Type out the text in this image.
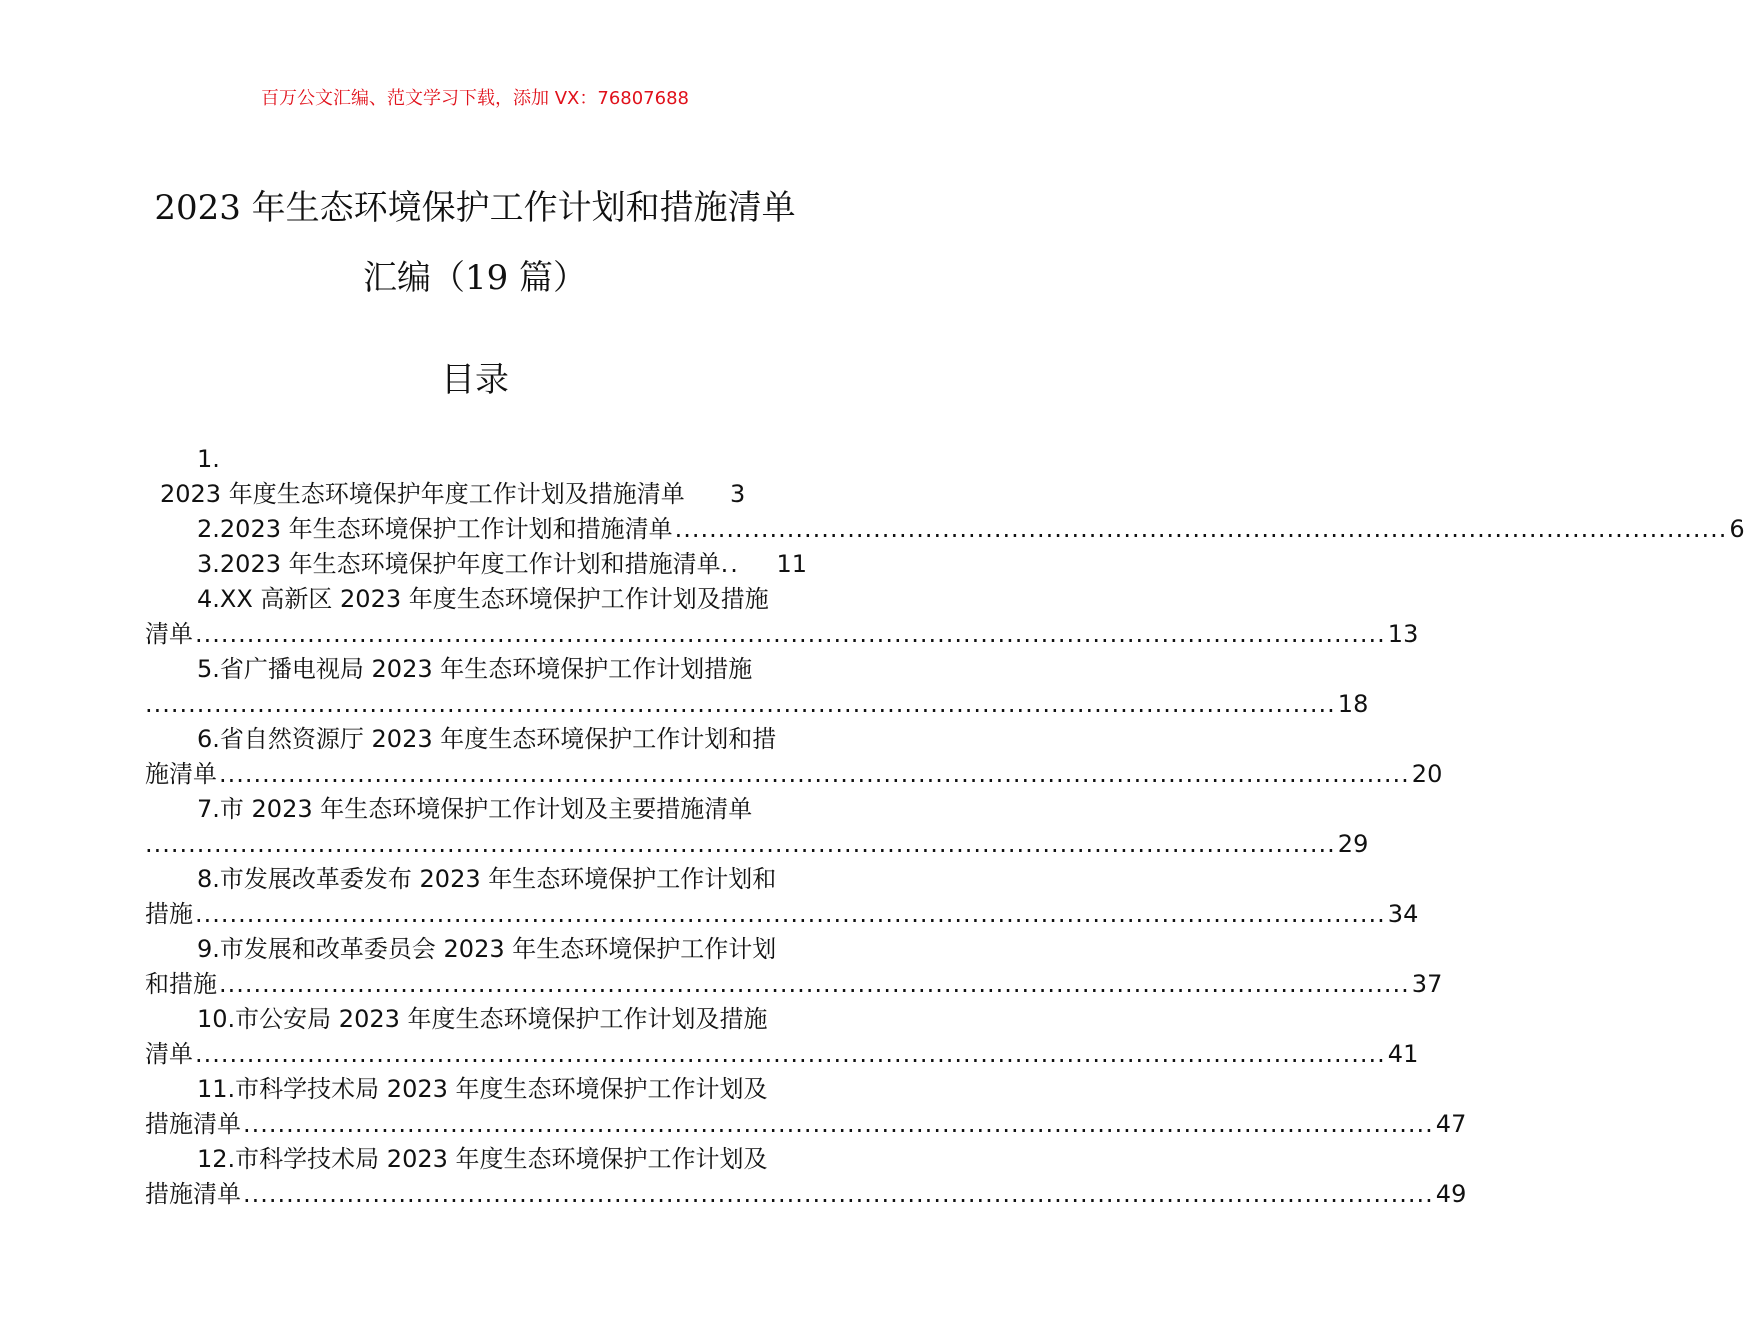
百万公文汇编、范文学习下载，添加 VX：76807688
2023 年生态环境保护工作计划和措施清单
汇编（19 篇）
目录
1.
2023 年度生态环境保护年度工作计划及措施清单 3
2.2023 年生态环境保护工作计划和措施清单 .......................................................................................................................... 6
3.2023 年生态环境保护年度工作计划和措施清单. .	11
4.XX 高新区 2023 年度生态环境保护工作计划及措施
清单 .......................................................................................................................................... 13
5.省广播电视局 2023 年生态环境保护工作计划措施
.......................................................................................................................................... 18
6.省自然资源厅 2023 年度生态环境保护工作计划和措
施清单 .......................................................................................................................................... 20
7.市 2023 年生态环境保护工作计划及主要措施清单
.......................................................................................................................................... 29
8.市发展改革委发布 2023 年生态环境保护工作计划和
措施 .......................................................................................................................................... 34
9.市发展和改革委员会 2023 年生态环境保护工作计划
和措施 .......................................................................................................................................... 37
10.市公安局 2023 年度生态环境保护工作计划及措施
清单 .......................................................................................................................................... 41
11.市科学技术局 2023 年度生态环境保护工作计划及
措施清单 .......................................................................................................................................... 47
12.市科学技术局 2023 年度生态环境保护工作计划及
措施清单 .......................................................................................................................................... 49
